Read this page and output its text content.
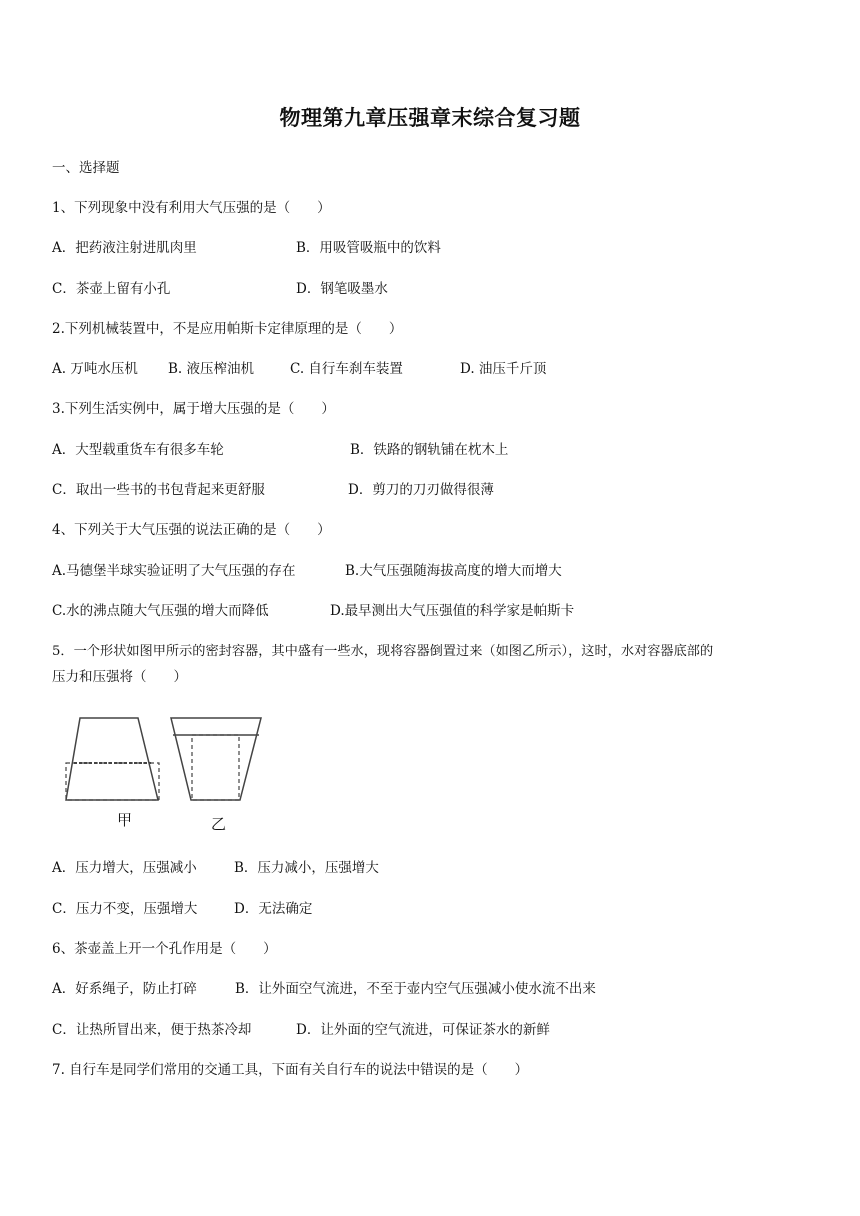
物理第九章压强章末综合复习题
一、选择题
1、下列现象中没有利用大气压强的是（　　）
A．把药液注射进肌肉里	B．用吸管吸瓶中的饮料
C．茶壶上留有小孔	D．钢笔吸墨水
2.下列机械装置中，不是应用帕斯卡定律原理的是（　　）
A. 万吨水压机 B. 液压榨油机	C. 自行车刹车装置	D. 油压千斤顶
3.下列生活实例中，属于增大压强的是（　　）
A．大型载重货车有很多车轮	B．铁路的钢轨铺在枕木上
C．取出一些书的书包背起来更舒服	D．剪刀的刀刃做得很薄
4、下列关于大气压强的说法正确的是（　　）
A.马德堡半球实验证明了大气压强的存在	B.大气压强随海拔高度的增大而增大
C.水的沸点随大气压强的增大而降低	D.最早测出大气压强值的科学家是帕斯卡
5．一个形状如图甲所示的密封容器，其中盛有一些水，现将容器倒置过来（如图乙所示），这时，水对容器底部的
压力和压强将（　　）
甲	乙
A．压力增大，压强减小	B．压力减小，压强增大
C．压力不变，压强增大	D．无法确定
6、茶壶盖上开一个孔作用是（　　）
A．好系绳子，防止打碎	B．让外面空气流进，不至于壶内空气压强减小使水流不出来
C．让热所冒出来，便于热茶冷却	D．让外面的空气流进，可保证茶水的新鲜
7. 自行车是同学们常用的交通工具，下面有关自行车的说法中错误的是（　　）
